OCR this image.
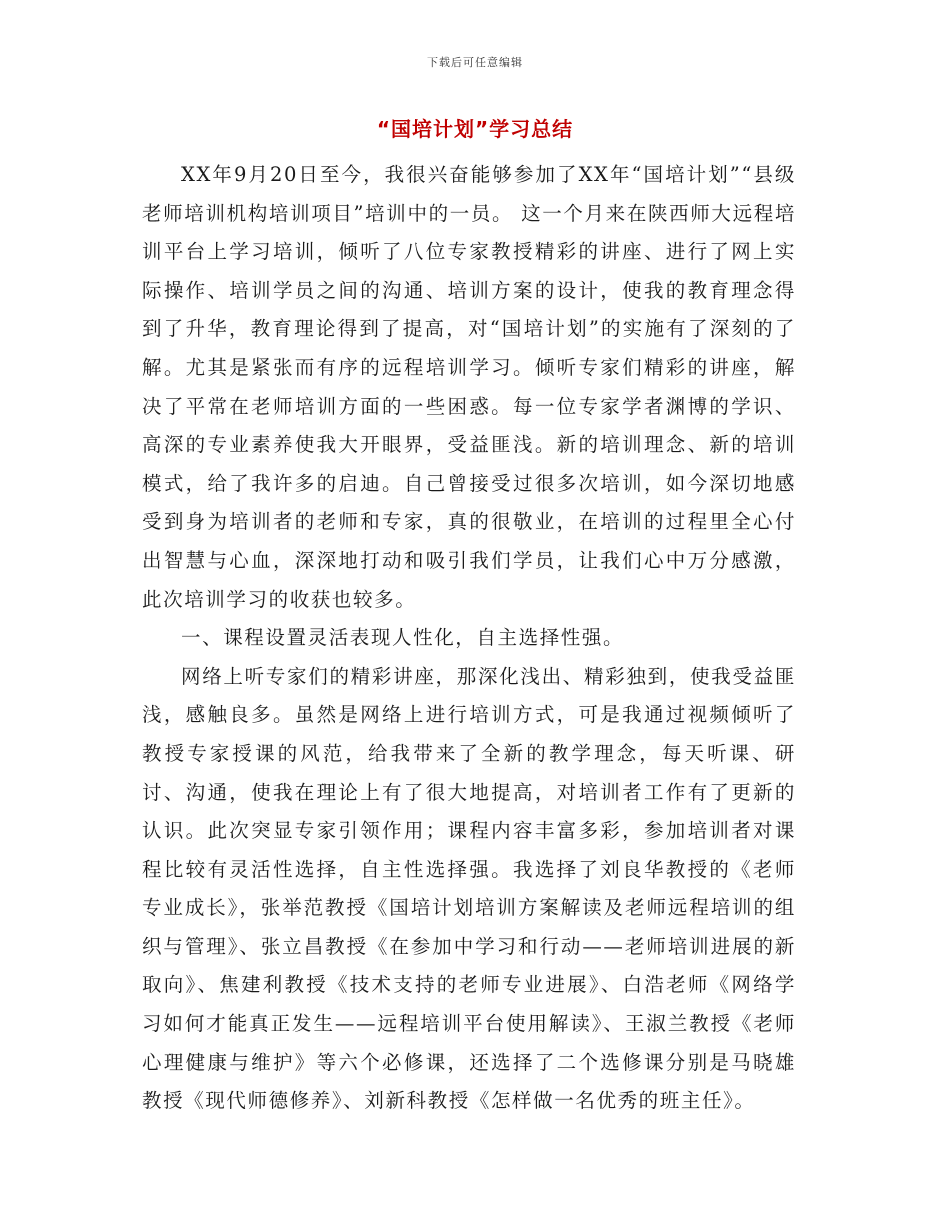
下载后可任意编辑
“国培计划”学习总结

XX年9月20日至今，我很兴奋能够参加了XX年“国培计划”“县级老师培训机构培训项目”培训中的一员。 这一个月来在陕西师大远程培训平台上学习培训，倾听了八位专家教授精彩的讲座、进行了网上实际操作、培训学员之间的沟通、培训方案的设计，使我的教育理念得到了升华，教育理论得到了提高，对“国培计划”的实施有了深刻的了解。尤其是紧张而有序的远程培训学习。倾听专家们精彩的讲座，解决了平常在老师培训方面的一些困惑。每一位专家学者渊博的学识、高深的专业素养使我大开眼界，受益匪浅。新的培训理念、新的培训模式，给了我许多的启迪。自己曾接受过很多次培训，如今深切地感受到身为培训者的老师和专家，真的很敬业，在培训的过程里全心付出智慧与心血，深深地打动和吸引我们学员，让我们心中万分感激，此次培训学习的收获也较多。

一、课程设置灵活表现人性化，自主选择性强。

网络上听专家们的精彩讲座，那深化浅出、精彩独到，使我受益匪浅，感触良多。虽然是网络上进行培训方式，可是我通过视频倾听了教授专家授课的风范，给我带来了全新的教学理念，每天听课、研讨、沟通，使我在理论上有了很大地提高，对培训者工作有了更新的认识。此次突显专家引领作用；课程内容丰富多彩，参加培训者对课程比较有灵活性选择，自主性选择强。我选择了刘良华教授的《老师专业成长》，张举范教授《国培计划培训方案解读及老师远程培训的组织与管理》、张立昌教授《在参加中学习和行动——老师培训进展的新取向》、焦建利教授《技术支持的老师专业进展》、白浩老师《网络学习如何才能真正发生——远程培训平台使用解读》、王淑兰教授《老师心理健康与维护》等六个必修课，还选择了二个选修课分别是马晓雄教授《现代师德修养》、刘新科教授《怎样做一名优秀的班主任》。
